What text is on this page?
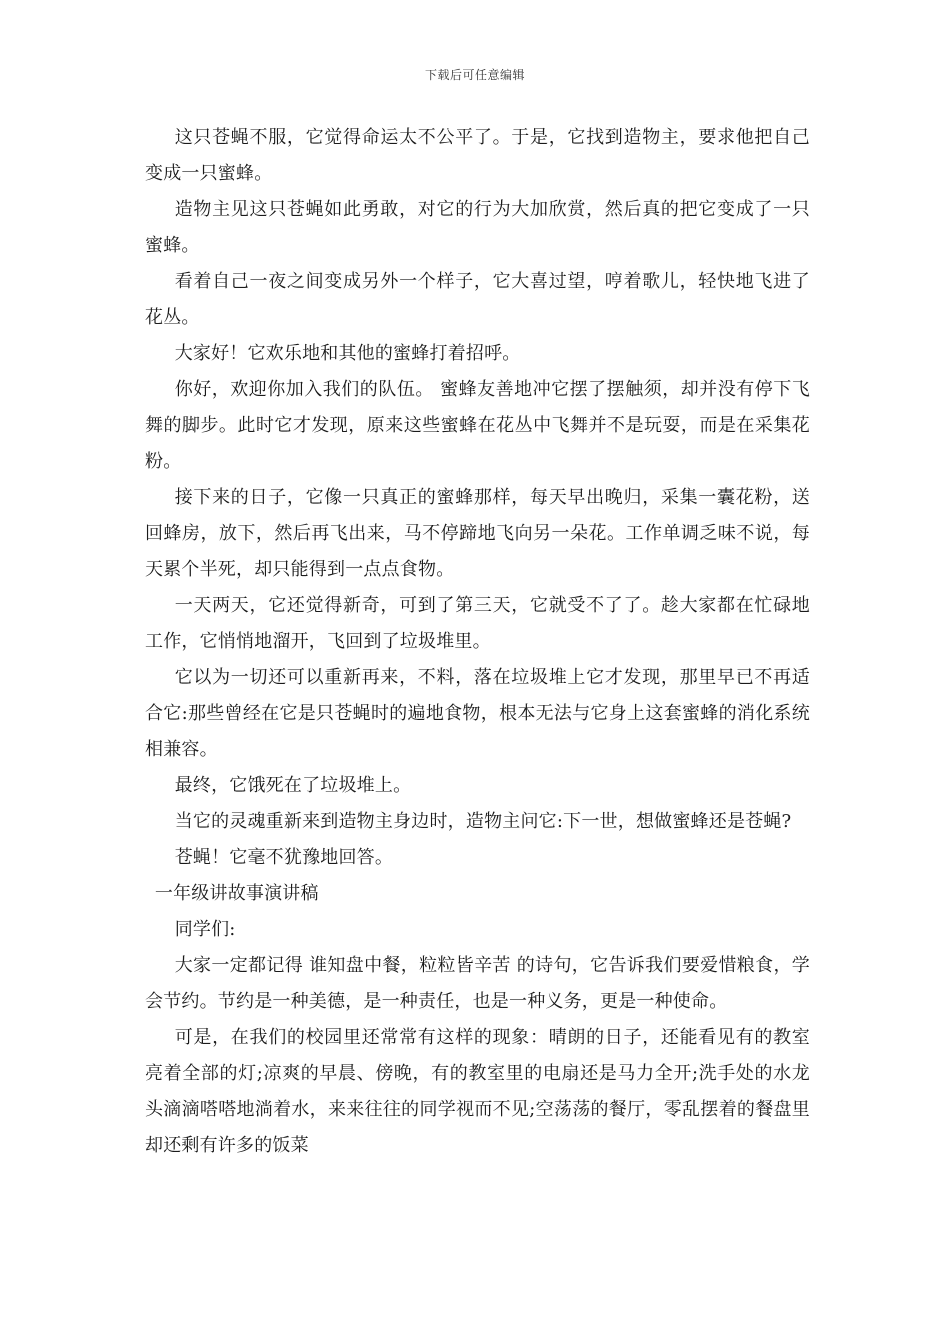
下载后可任意编辑

这只苍蝇不服，它觉得命运太不公平了。于是，它找到造物主，要求他把自己变成一只蜜蜂。

造物主见这只苍蝇如此勇敢，对它的行为大加欣赏，然后真的把它变成了一只蜜蜂。

看着自己一夜之间变成另外一个样子，它大喜过望，哼着歌儿，轻快地飞进了花丛。

大家好！它欢乐地和其他的蜜蜂打着招呼。

你好，欢迎你加入我们的队伍。 蜜蜂友善地冲它摆了摆触须，却并没有停下飞舞的脚步。此时它才发现，原来这些蜜蜂在花丛中飞舞并不是玩耍，而是在采集花粉。

接下来的日子，它像一只真正的蜜蜂那样，每天早出晚归，采集一囊花粉，送回蜂房，放下，然后再飞出来，马不停蹄地飞向另一朵花。工作单调乏味不说，每天累个半死，却只能得到一点点食物。

一天两天，它还觉得新奇，可到了第三天，它就受不了了。趁大家都在忙碌地工作，它悄悄地溜开，飞回到了垃圾堆里。

它以为一切还可以重新再来，不料，落在垃圾堆上它才发现，那里早已不再适合它:那些曾经在它是只苍蝇时的遍地食物，根本无法与它身上这套蜜蜂的消化系统相兼容。

最终，它饿死在了垃圾堆上。

当它的灵魂重新来到造物主身边时，造物主问它:下一世，想做蜜蜂还是苍蝇?

苍蝇！它毫不犹豫地回答。

一年级讲故事演讲稿

同学们:

大家一定都记得 谁知盘中餐，粒粒皆辛苦 的诗句，它告诉我们要爱惜粮食，学会节约。节约是一种美德，是一种责任，也是一种义务，更是一种使命。

可是，在我们的校园里还常常有这样的现象：晴朗的日子，还能看见有的教室亮着全部的灯;凉爽的早晨、傍晚，有的教室里的电扇还是马力全开;洗手处的水龙头滴滴嗒嗒地淌着水，来来往往的同学视而不见;空荡荡的餐厅，零乱摆着的餐盘里却还剩有许多的饭菜
